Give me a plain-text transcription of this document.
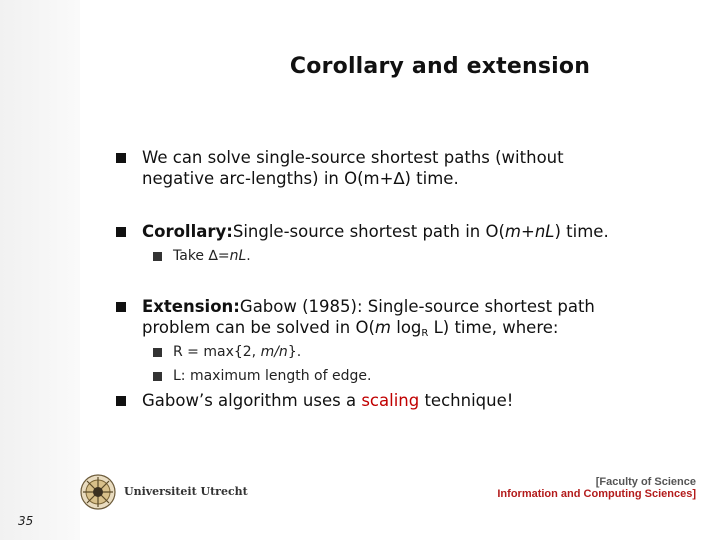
Corollary and extension
We can solve single-source shortest paths (without
negative arc-lengths) in O(m+∆) time.
Corollary:Single-source shortest path in O(m+nL) time.
Take ∆=nL.
Extension:Gabow (1985): Single-source shortest path
problem can be solved in O(m $\log_R L$) time, where:
R = max{2, m/n}.
L: maximum length of edge.
Gabow’s algorithm uses a scaling technique!
Universiteit Utrecht
[Faculty of Science
Information and Computing Sciences]
35
